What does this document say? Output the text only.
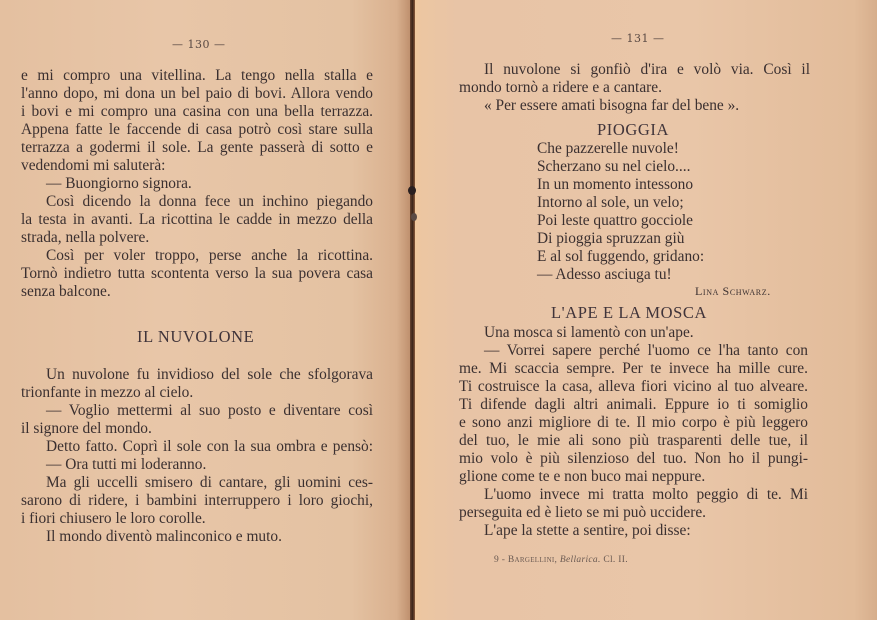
— 130 —
e mi compro una vitellina. La tengo nella stalla e
l'anno dopo, mi dona un bel paio di bovi. Allora vendo
i bovi e mi compro una casina con una bella terrazza.
Appena fatte le faccende di casa potrò così stare sulla
terrazza a godermi il sole. La gente passerà di sotto e
vedendomi mi saluterà:
— Buongiorno signora.
Così dicendo la donna fece un inchino piegando
la testa in avanti. La ricottina le cadde in mezzo della
strada, nella polvere.
Così per voler troppo, perse anche la ricottina.
Tornò indietro tutta scontenta verso la sua povera casa
senza balcone.
IL NUVOLONE
Un nuvolone fu invidioso del sole che sfolgorava
trionfante in mezzo al cielo.
— Voglio mettermi al suo posto e diventare così
il signore del mondo.
Detto fatto. Coprì il sole con la sua ombra e pensò:
— Ora tutti mi loderanno.
Ma gli uccelli smisero di cantare, gli uomini ces-
sarono di ridere, i bambini interruppero i loro giochi,
i fiori chiusero le loro corolle.
Il mondo diventò malinconico e muto.
— 131 —
Il nuvolone si gonfiò d'ira e volò via. Così il
mondo tornò a ridere e a cantare.
« Per essere amati bisogna far del bene ».
PIOGGIA
Che pazzerelle nuvole!
Scherzano su nel cielo....
In un momento intessono
Intorno al sole, un velo;
Poi leste quattro gocciole
Di pioggia spruzzan giù
E al sol fuggendo, gridano:
— Adesso asciuga tu!
Lina Schwarz.
L'APE E LA MOSCA
Una mosca si lamentò con un'ape.
— Vorrei sapere perché l'uomo ce l'ha tanto con
me. Mi scaccia sempre. Per te invece ha mille cure.
Ti costruisce la casa, alleva fiori vicino al tuo alveare.
Ti difende dagli altri animali. Eppure io ti somiglio
e sono anzi migliore di te. Il mio corpo è più leggero
del tuo, le mie ali sono più trasparenti delle tue, il
mio volo è più silenzioso del tuo. Non ho il pungi-
glione come te e non buco mai neppure.
L'uomo invece mi tratta molto peggio di te. Mi
perseguita ed è lieto se mi può uccidere.
L'ape la stette a sentire, poi disse:
9 - Bargellini, Bellarica. Cl. II.
